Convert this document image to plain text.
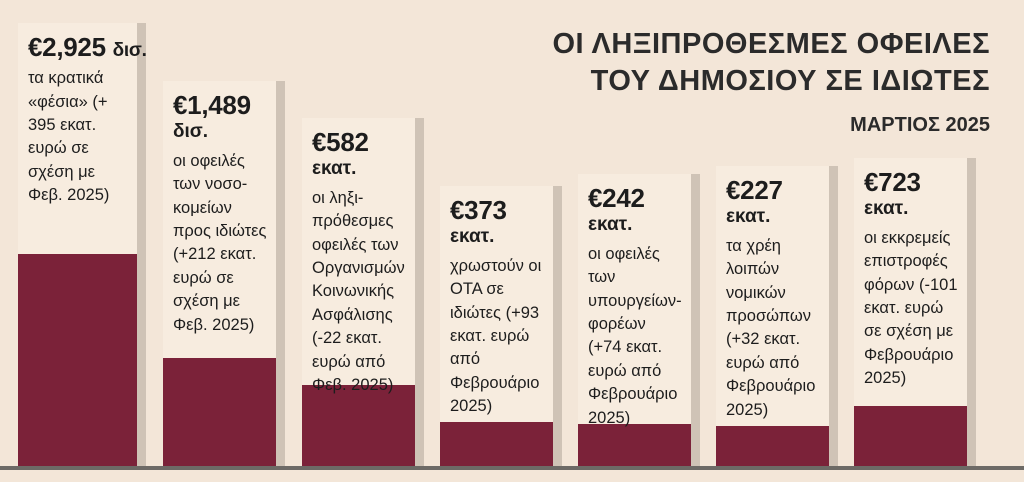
ΟΙ ΛΗΞΙΠΡΟΘΕΣΜΕΣ ΟΦΕΙΛΕΣ
ΤΟΥ ΔΗΜΟΣΙΟΥ ΣΕ ΙΔΙΩΤΕΣ
ΜΑΡΤΙΟΣ 2025
€2,925 δισ.
τα κρατικά «φέσια» (+ 395 εκατ. ευρώ σε σχέση με Φεβ. 2025)
€1,489
δισ.
οι οφειλές των νοσοκομείων προς ιδιώτες (+212 εκατ. ευρώ σε σχέση με Φεβ. 2025)
€582
εκατ.
οι ληξιπρόθεσμες οφειλές των Οργανισμών Κοινωνικής Ασφάλισης (-22 εκατ. ευρώ από Φεβ. 2025)
€373
εκατ.
χρωστούν οι ΟΤΑ σε ιδιώτες (+93 εκατ. ευρώ από Φεβρουάριο 2025)
€242
εκατ.
οι οφειλές των υπουργείων-φορέων (+74 εκατ. ευρώ από Φεβρουάριο 2025)
€227
εκατ.
τα χρέη λοιπών νομικών προσώπων (+32 εκατ. ευρώ από Φεβρουάριο 2025)
€723
εκατ.
οι εκκρεμείς επιστροφές φόρων (-101 εκατ. ευρώ σε σχέση με Φεβρουάριο 2025)
